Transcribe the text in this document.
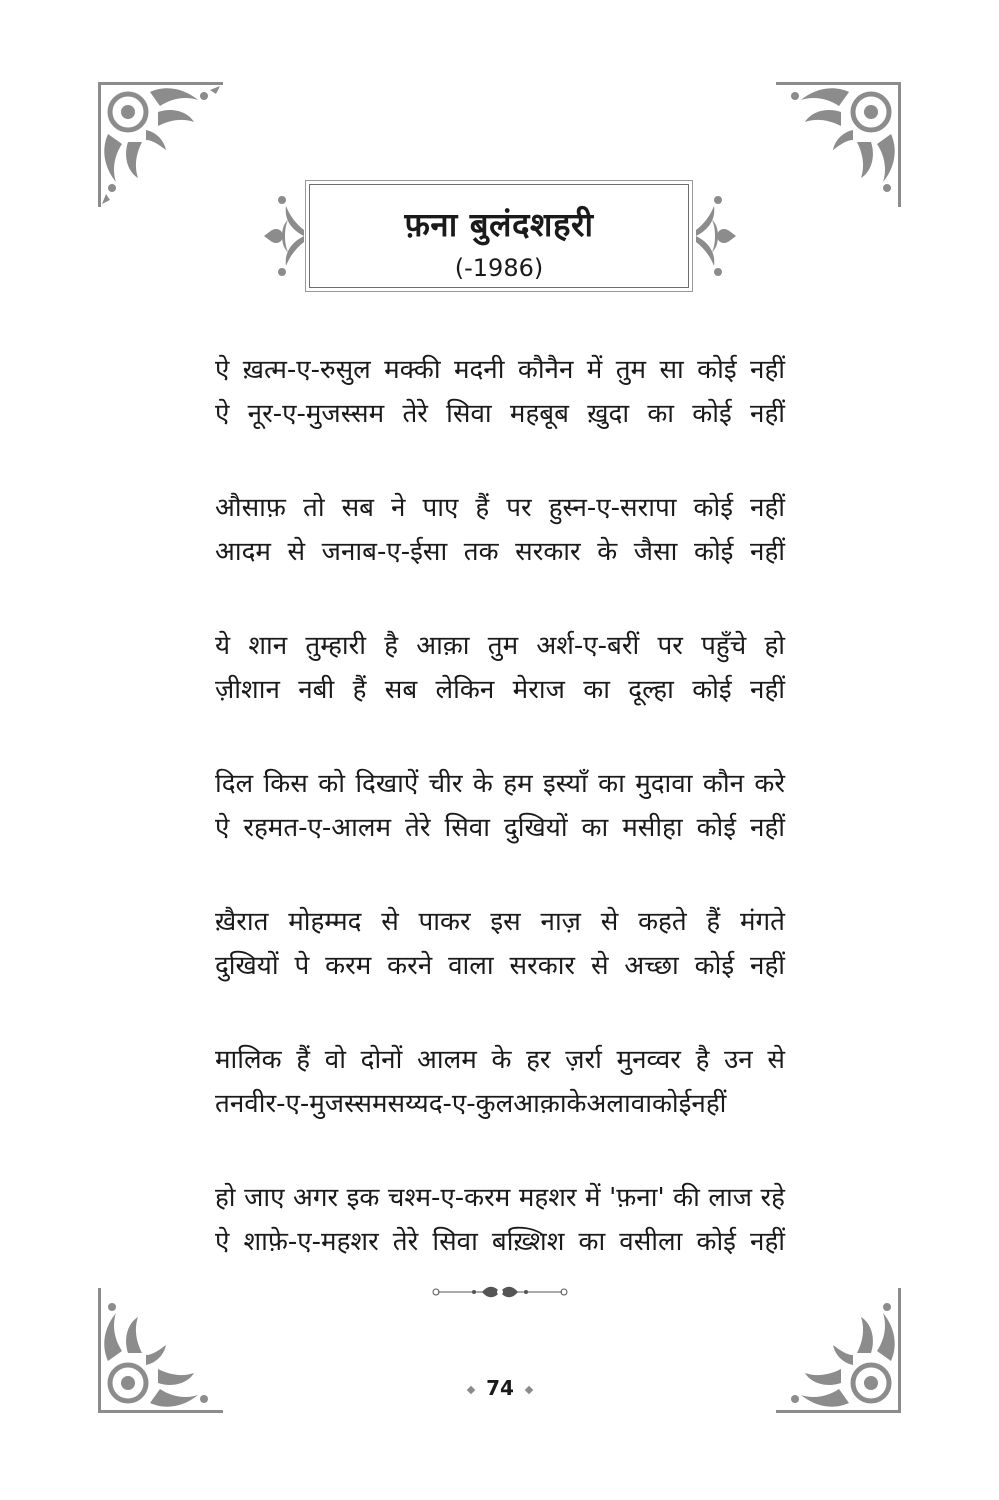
फ़ना बुलंदशहरी
(-1986)
ऐ ख़त्म-ए-रुसुल मक्की मदनी कौनैन में तुम सा कोई नहीं
ऐ नूर-ए-मुजस्सम तेरे सिवा महबूब ख़ुदा का कोई नहीं
औसाफ़ तो सब ने पाए हैं पर हुस्न-ए-सरापा कोई नहीं
आदम से जनाब-ए-ईसा तक सरकार के जैसा कोई नहीं
ये शान तुम्हारी है आक़ा तुम अर्श-ए-बरीं पर पहुँचे हो
ज़ीशान नबी हैं सब लेकिन मेराज का दूल्हा कोई नहीं
दिल किस को दिखाऐं चीर के हम इस्याँ का मुदावा कौन करे
ऐ रहमत-ए-आलम तेरे सिवा दुखियों का मसीहा कोई नहीं
ख़ैरात मोहम्मद से पाकर इस नाज़ से कहते हैं मंगते
दुखियों पे करम करने वाला सरकार से अच्छा कोई नहीं
मालिक हैं वो दोनों आलम के हर ज़र्रा मुनव्वर है उन से
तनवीर-ए-मुजस्समसय्यद-ए-कुलआक़ाकेअलावाकोईनहीं
हो जाए अगर इक चश्म-ए-करम महशर में 'फ़ना' की लाज रहे
ऐ शाफ़े-ए-महशर तेरे सिवा बख़्शिश का वसीला कोई नहीं
74
